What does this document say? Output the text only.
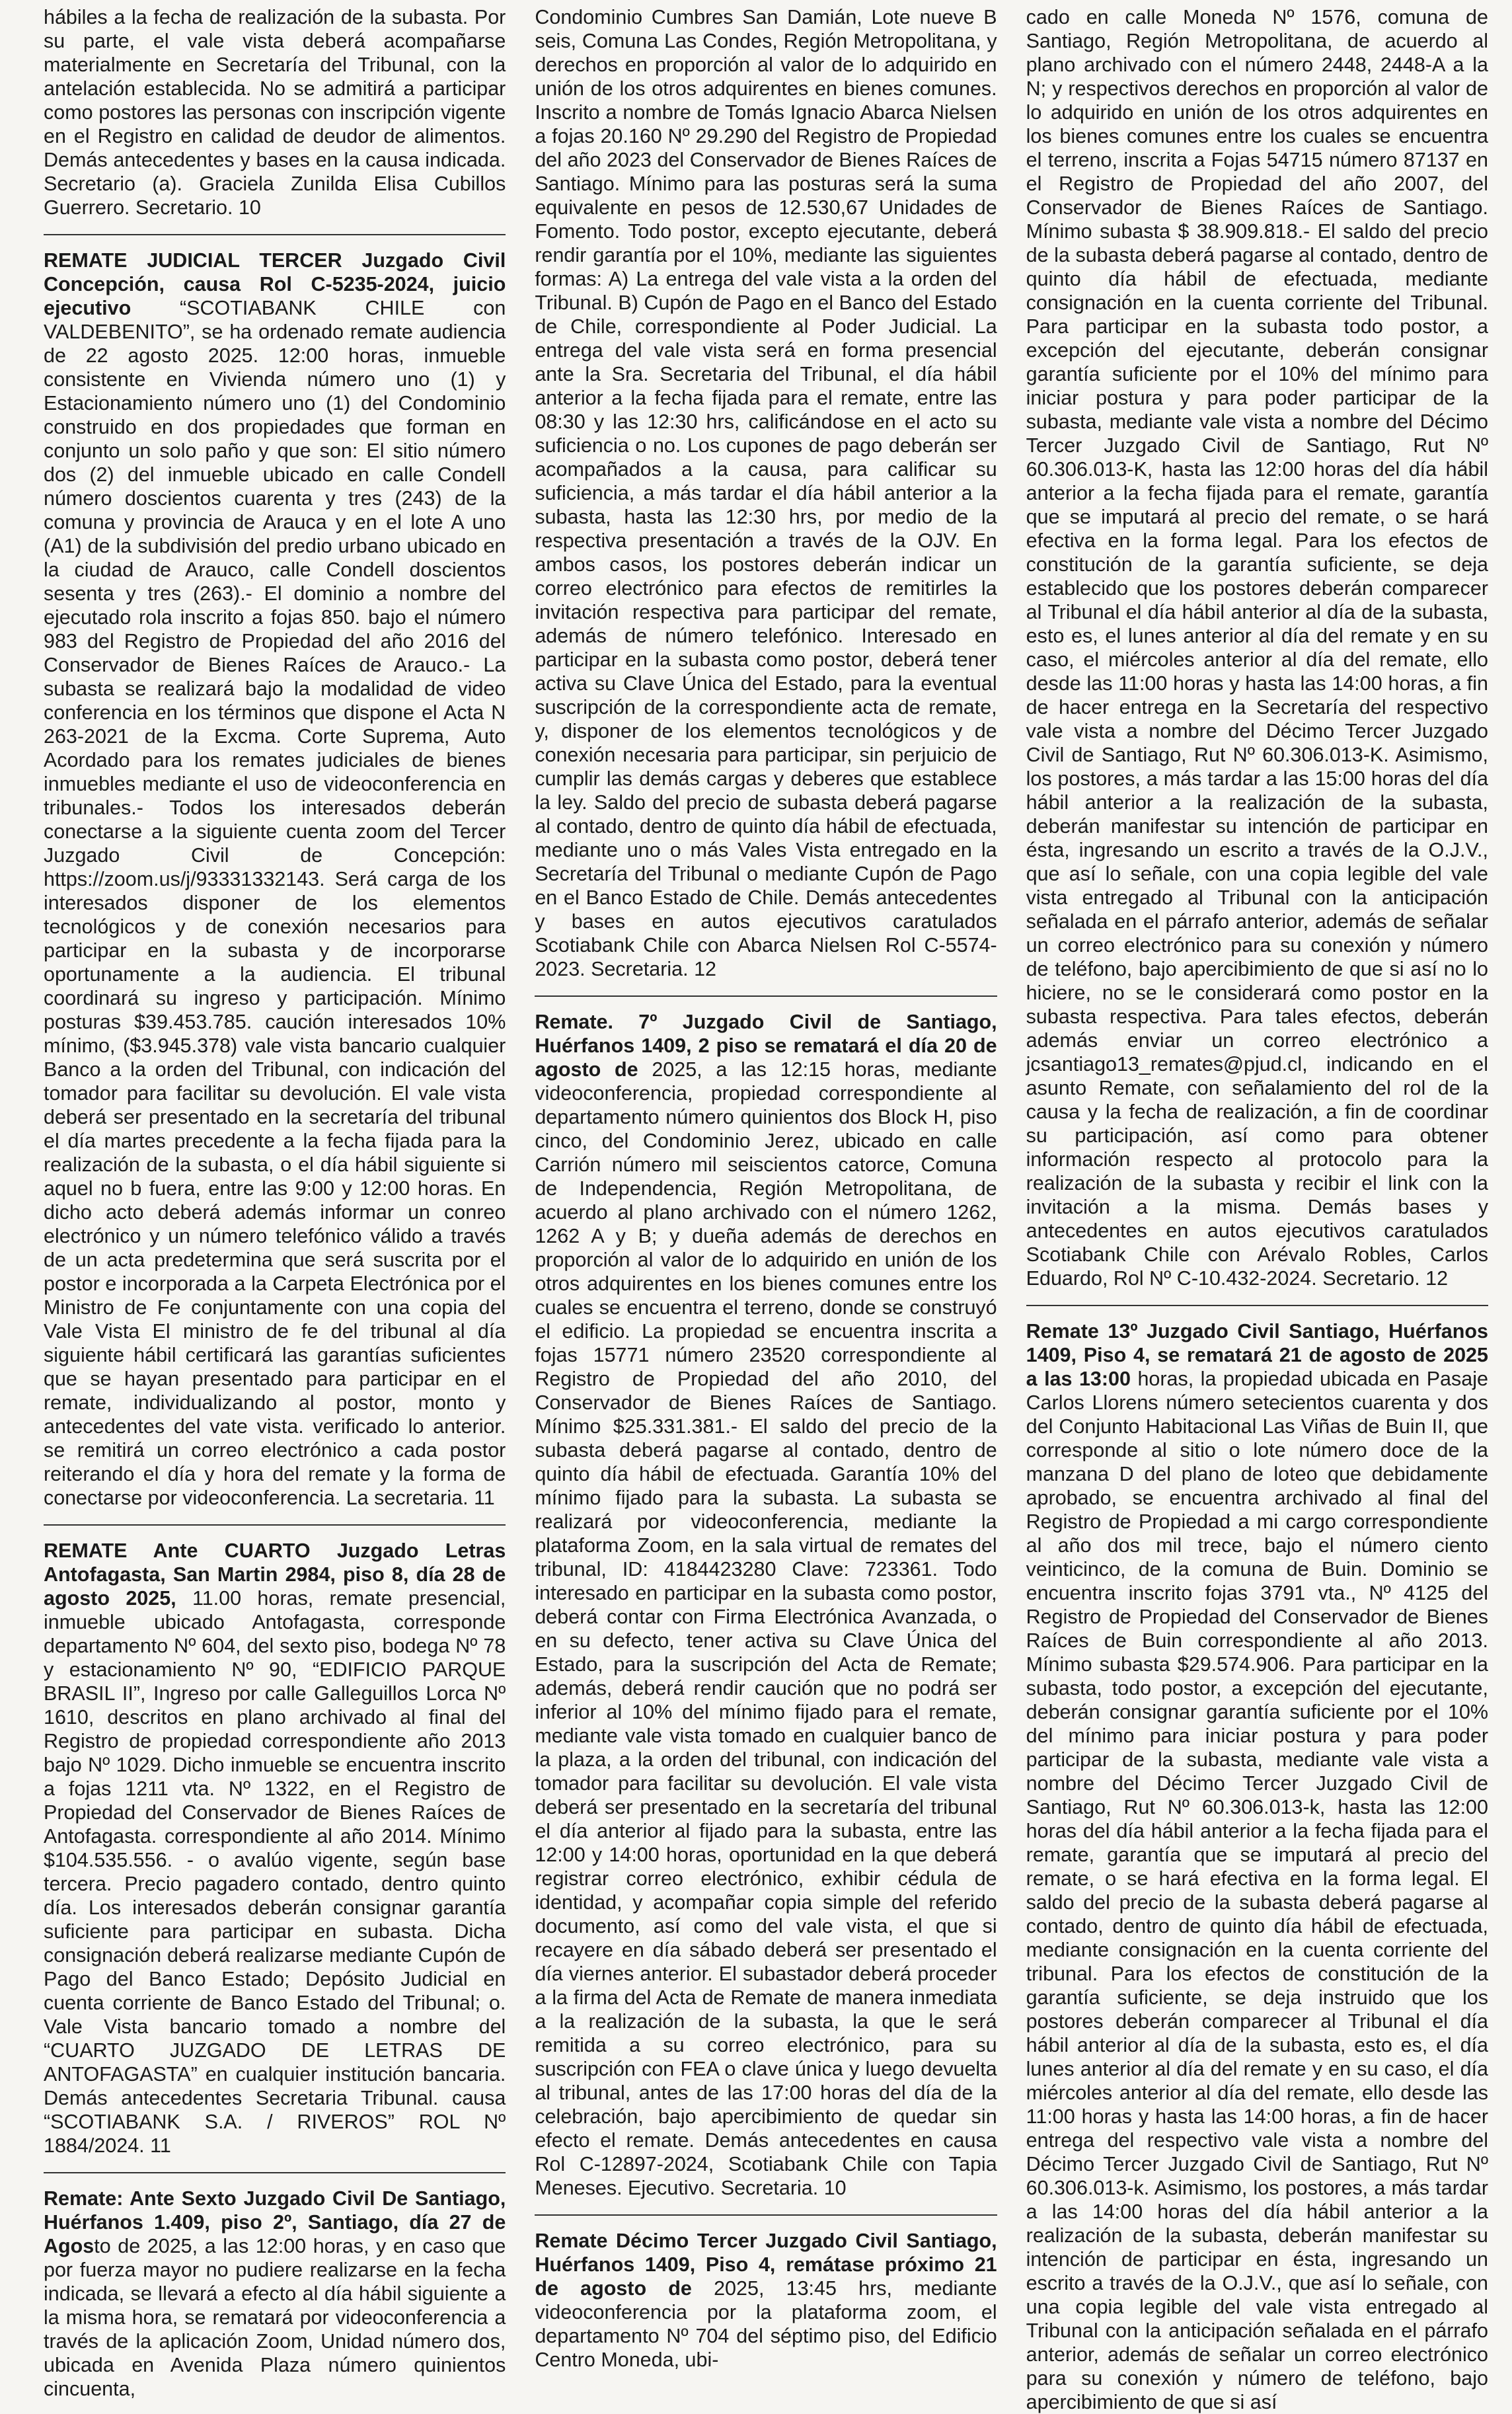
hábiles a la fecha de realización de la subasta. Por su parte, el vale vista deberá acompañarse materialmente en Secretaría del Tribunal, con la antelación establecida. No se admitirá a participar como postores las personas con inscripción vigente en el Registro en calidad de deudor de alimentos. Demás antecedentes y bases en la causa indicada. Secretario (a). Graciela Zunilda Elisa Cubillos Guerrero. Secretario. 10
REMATE JUDICIAL TERCER Juzgado Civil Concepción, causa Rol C-5235-2024, juicio ejecutivo “SCOTIABANK CHILE con VALDEBENITO”, se ha ordenado remate audiencia de 22 agosto 2025. 12:00 horas, inmueble consistente en Vivienda número uno (1) y Estacionamiento número uno (1) del Condominio construido en dos propiedades que forman en conjunto un solo paño y que son: El sitio número dos (2) del inmueble ubicado en calle Condell número doscientos cuarenta y tres (243) de la comuna y provincia de Arauca y en el lote A uno (A1) de la subdivisión del predio urbano ubicado en la ciudad de Arauco, calle Condell doscientos sesenta y tres (263).- El dominio a nombre del ejecutado rola inscrito a fojas 850. bajo el número 983 del Registro de Propiedad del año 2016 del Conservador de Bienes Raíces de Arauco.- La subasta se realizará bajo la modalidad de video conferencia en los términos que dispone el Acta N 263-2021 de la Excma. Corte Suprema, Auto Acordado para los remates judiciales de bienes inmuebles mediante el uso de videoconferencia en tribunales.- Todos los interesados deberán conectarse a la siguiente cuenta zoom del Tercer Juzgado Civil de Concepción: https://zoom.us/j/93331332143. Será carga de los interesados disponer de los elementos tecnológicos y de conexión necesarios para participar en la subasta y de incorporarse oportunamente a la audiencia. El tribunal coordinará su ingreso y participación. Mínimo posturas $39.453.785. caución interesados 10% mínimo, ($3.945.378) vale vista bancario cualquier Banco a la orden del Tribunal, con indicación del tomador para facilitar su devolución. El vale vista deberá ser presentado en la secretaría del tribunal el día martes precedente a la fecha fijada para la realización de la subasta, o el día hábil siguiente si aquel no b fuera, entre las 9:00 y 12:00 horas. En dicho acto deberá además informar un conreo electrónico y un número telefónico válido a través de un acta predetermina que será suscrita por el postor e incorporada a la Carpeta Electrónica por el Ministro de Fe conjuntamente con una copia del Vale Vista El ministro de fe del tribunal al día siguiente hábil certificará las garantías suficientes que se hayan presentado para participar en el remate, individualizando al postor, monto y antecedentes del vate vista. verificado lo anterior. se remitirá un correo electrónico a cada postor reiterando el día y hora del remate y la forma de conectarse por videoconferencia. La secretaria. 11
REMATE Ante CUARTO Juzgado Letras Antofagasta, San Martin 2984, piso 8, día 28 de agosto 2025, 11.00 horas, remate presencial, inmueble ubicado Antofagasta, corresponde departamento Nº 604, del sexto piso, bodega Nº 78 y estacionamiento Nº 90, “EDIFICIO PARQUE BRASIL II”, Ingreso por calle Galleguillos Lorca Nº 1610, descritos en plano archivado al final del Registro de propiedad correspondiente año 2013 bajo Nº 1029. Dicho inmueble se encuentra inscrito a fojas 1211 vta. Nº 1322, en el Registro de Propiedad del Conservador de Bienes Raíces de Antofagasta. correspondiente al año 2014. Mínimo $104.535.556. - o avalúo vigente, según base tercera. Precio pagadero contado, dentro quinto día. Los interesados deberán consignar garantía suficiente para participar en subasta. Dicha consignación deberá realizarse mediante Cupón de Pago del Banco Estado; Depósito Judicial en cuenta corriente de Banco Estado del Tribunal; o. Vale Vista bancario tomado a nombre del “CUARTO JUZGADO DE LETRAS DE ANTOFAGASTA” en cualquier institución bancaria. Demás antecedentes Secretaria Tribunal. causa “SCOTIABANK S.A. / RIVEROS” ROL Nº 1884/2024. 11
Remate: Ante Sexto Juzgado Civil De Santiago, Huérfanos 1.409, piso 2º, Santiago, día 27 de Agosto de 2025, a las 12:00 horas, y en caso que por fuerza mayor no pudiere realizarse en la fecha indicada, se llevará a efecto al día hábil siguiente a la misma hora, se rematará por videoconferencia a través de la aplicación Zoom, Unidad número dos, ubicada en Avenida Plaza número quinientos cincuenta,
Condominio Cumbres San Damián, Lote nueve B seis, Comuna Las Condes, Región Metropolitana, y derechos en proporción al valor de lo adquirido en unión de los otros adquirentes en bienes comunes. Inscrito a nombre de Tomás Ignacio Abarca Nielsen a fojas 20.160 Nº 29.290 del Registro de Propiedad del año 2023 del Conservador de Bienes Raíces de Santiago. Mínimo para las posturas será la suma equivalente en pesos de 12.530,67 Unidades de Fomento. Todo postor, excepto ejecutante, deberá rendir garantía por el 10%, mediante las siguientes formas: A) La entrega del vale vista a la orden del Tribunal. B) Cupón de Pago en el Banco del Estado de Chile, correspondiente al Poder Judicial. La entrega del vale vista será en forma presencial ante la Sra. Secretaria del Tribunal, el día hábil anterior a la fecha fijada para el remate, entre las 08:30 y las 12:30 hrs, calificándose en el acto su suficiencia o no. Los cupones de pago deberán ser acompañados a la causa, para calificar su suficiencia, a más tardar el día hábil anterior a la subasta, hasta las 12:30 hrs, por medio de la respectiva presentación a través de la OJV. En ambos casos, los postores deberán indicar un correo electrónico para efectos de remitirles la invitación respectiva para participar del remate, además de número telefónico. Interesado en participar en la subasta como postor, deberá tener activa su Clave Única del Estado, para la eventual suscripción de la correspondiente acta de remate, y, disponer de los elementos tecnológicos y de conexión necesaria para participar, sin perjuicio de cumplir las demás cargas y deberes que establece la ley. Saldo del precio de subasta deberá pagarse al contado, dentro de quinto día hábil de efectuada, mediante uno o más Vales Vista entregado en la Secretaría del Tribunal o mediante Cupón de Pago en el Banco Estado de Chile. Demás antecedentes y bases en autos ejecutivos caratulados Scotiabank Chile con Abarca Nielsen Rol C-5574-2023. Secretaria. 12
Remate. 7º Juzgado Civil de Santiago, Huérfanos 1409, 2 piso se rematará el día 20 de agosto de 2025, a las 12:15 horas, mediante videoconferencia, propiedad correspondiente al departamento número quinientos dos Block H, piso cinco, del Condominio Jerez, ubicado en calle Carrión número mil seiscientos catorce, Comuna de Independencia, Región Metropolitana, de acuerdo al plano archivado con el número 1262, 1262 A y B; y dueña además de derechos en proporción al valor de lo adquirido en unión de los otros adquirentes en los bienes comunes entre los cuales se encuentra el terreno, donde se construyó el edificio. La propiedad se encuentra inscrita a fojas 15771 número 23520 correspondiente al Registro de Propiedad del año 2010, del Conservador de Bienes Raíces de Santiago. Mínimo $25.331.381.- El saldo del precio de la subasta deberá pagarse al contado, dentro de quinto día hábil de efectuada. Garantía 10% del mínimo fijado para la subasta. La subasta se realizará por videoconferencia, mediante la plataforma Zoom, en la sala virtual de remates del tribunal, ID: 4184423280 Clave: 723361. Todo interesado en participar en la subasta como postor, deberá contar con Firma Electrónica Avanzada, o en su defecto, tener activa su Clave Única del Estado, para la suscripción del Acta de Remate; además, deberá rendir caución que no podrá ser inferior al 10% del mínimo fijado para el remate, mediante vale vista tomado en cualquier banco de la plaza, a la orden del tribunal, con indicación del tomador para facilitar su devolución. El vale vista deberá ser presentado en la secretaría del tribunal el día anterior al fijado para la subasta, entre las 12:00 y 14:00 horas, oportunidad en la que deberá registrar correo electrónico, exhibir cédula de identidad, y acompañar copia simple del referido documento, así como del vale vista, el que si recayere en día sábado deberá ser presentado el día viernes anterior. El subastador deberá proceder a la firma del Acta de Remate de manera inmediata a la realización de la subasta, la que le será remitida a su correo electrónico, para su suscripción con FEA o clave única y luego devuelta al tribunal, antes de las 17:00 horas del día de la celebración, bajo apercibimiento de quedar sin efecto el remate. Demás antecedentes en causa Rol C-12897-2024, Scotiabank Chile con Tapia Meneses. Ejecutivo. Secretaria. 10
Remate Décimo Tercer Juzgado Civil Santiago, Huérfanos 1409, Piso 4, remátase próximo 21 de agosto de 2025, 13:45 hrs, mediante videoconferencia por la plataforma zoom, el departamento Nº 704 del séptimo piso, del Edificio Centro Moneda, ubi-
cado en calle Moneda Nº 1576, comuna de Santiago, Región Metropolitana, de acuerdo al plano archivado con el número 2448, 2448-A a la N; y respectivos derechos en proporción al valor de lo adquirido en unión de los otros adquirentes en los bienes comunes entre los cuales se encuentra el terreno, inscrita a Fojas 54715 número 87137 en el Registro de Propiedad del año 2007, del Conservador de Bienes Raíces de Santiago. Mínimo subasta $ 38.909.818.- El saldo del precio de la subasta deberá pagarse al contado, dentro de quinto día hábil de efectuada, mediante consignación en la cuenta corriente del Tribunal. Para participar en la subasta todo postor, a excepción del ejecutante, deberán consignar garantía suficiente por el 10% del mínimo para iniciar postura y para poder participar de la subasta, mediante vale vista a nombre del Décimo Tercer Juzgado Civil de Santiago, Rut Nº 60.306.013-K, hasta las 12:00 horas del día hábil anterior a la fecha fijada para el remate, garantía que se imputará al precio del remate, o se hará efectiva en la forma legal. Para los efectos de constitución de la garantía suficiente, se deja establecido que los postores deberán comparecer al Tribunal el día hábil anterior al día de la subasta, esto es, el lunes anterior al día del remate y en su caso, el miércoles anterior al día del remate, ello desde las 11:00 horas y hasta las 14:00 horas, a fin de hacer entrega en la Secretaría del respectivo vale vista a nombre del Décimo Tercer Juzgado Civil de Santiago, Rut Nº 60.306.013-K. Asimismo, los postores, a más tardar a las 15:00 horas del día hábil anterior a la realización de la subasta, deberán manifestar su intención de participar en ésta, ingresando un escrito a través de la O.J.V., que así lo señale, con una copia legible del vale vista entregado al Tribunal con la anticipación señalada en el párrafo anterior, además de señalar un correo electrónico para su conexión y número de teléfono, bajo apercibimiento de que si así no lo hiciere, no se le considerará como postor en la subasta respectiva. Para tales efectos, deberán además enviar un correo electrónico a jcsantiago13_remates@pjud.cl, indicando en el asunto Remate, con señalamiento del rol de la causa y la fecha de realización, a fin de coordinar su participación, así como para obtener información respecto al protocolo para la realización de la subasta y recibir el link con la invitación a la misma. Demás bases y antecedentes en autos ejecutivos caratulados Scotiabank Chile con Arévalo Robles, Carlos Eduardo, Rol Nº C-10.432-2024. Secretario. 12
Remate 13º Juzgado Civil Santiago, Huérfanos 1409, Piso 4, se rematará 21 de agosto de 2025 a las 13:00 horas, la propiedad ubicada en Pasaje Carlos Llorens número setecientos cuarenta y dos del Conjunto Habitacional Las Viñas de Buin II, que corresponde al sitio o lote número doce de la manzana D del plano de loteo que debidamente aprobado, se encuentra archivado al final del Registro de Propiedad a mi cargo correspondiente al año dos mil trece, bajo el número ciento veinticinco, de la comuna de Buin. Dominio se encuentra inscrito fojas 3791 vta., Nº 4125 del Registro de Propiedad del Conservador de Bienes Raíces de Buin correspondiente al año 2013. Mínimo subasta $29.574.906. Para participar en la subasta, todo postor, a excepción del ejecutante, deberán consignar garantía suficiente por el 10% del mínimo para iniciar postura y para poder participar de la subasta, mediante vale vista a nombre del Décimo Tercer Juzgado Civil de Santiago, Rut Nº 60.306.013-k, hasta las 12:00 horas del día hábil anterior a la fecha fijada para el remate, garantía que se imputará al precio del remate, o se hará efectiva en la forma legal. El saldo del precio de la subasta deberá pagarse al contado, dentro de quinto día hábil de efectuada, mediante consignación en la cuenta corriente del tribunal. Para los efectos de constitución de la garantía suficiente, se deja instruido que los postores deberán comparecer al Tribunal el día hábil anterior al día de la subasta, esto es, el día lunes anterior al día del remate y en su caso, el día miércoles anterior al día del remate, ello desde las 11:00 horas y hasta las 14:00 horas, a fin de hacer entrega del respectivo vale vista a nombre del Décimo Tercer Juzgado Civil de Santiago, Rut Nº 60.306.013-k. Asimismo, los postores, a más tardar a las 14:00 horas del día hábil anterior a la realización de la subasta, deberán manifestar su intención de participar en ésta, ingresando un escrito a través de la O.J.V., que así lo señale, con una copia legible del vale vista entregado al Tribunal con la anticipación señalada en el párrafo anterior, además de señalar un correo electrónico para su conexión y número de teléfono, bajo apercibimiento de que si así
